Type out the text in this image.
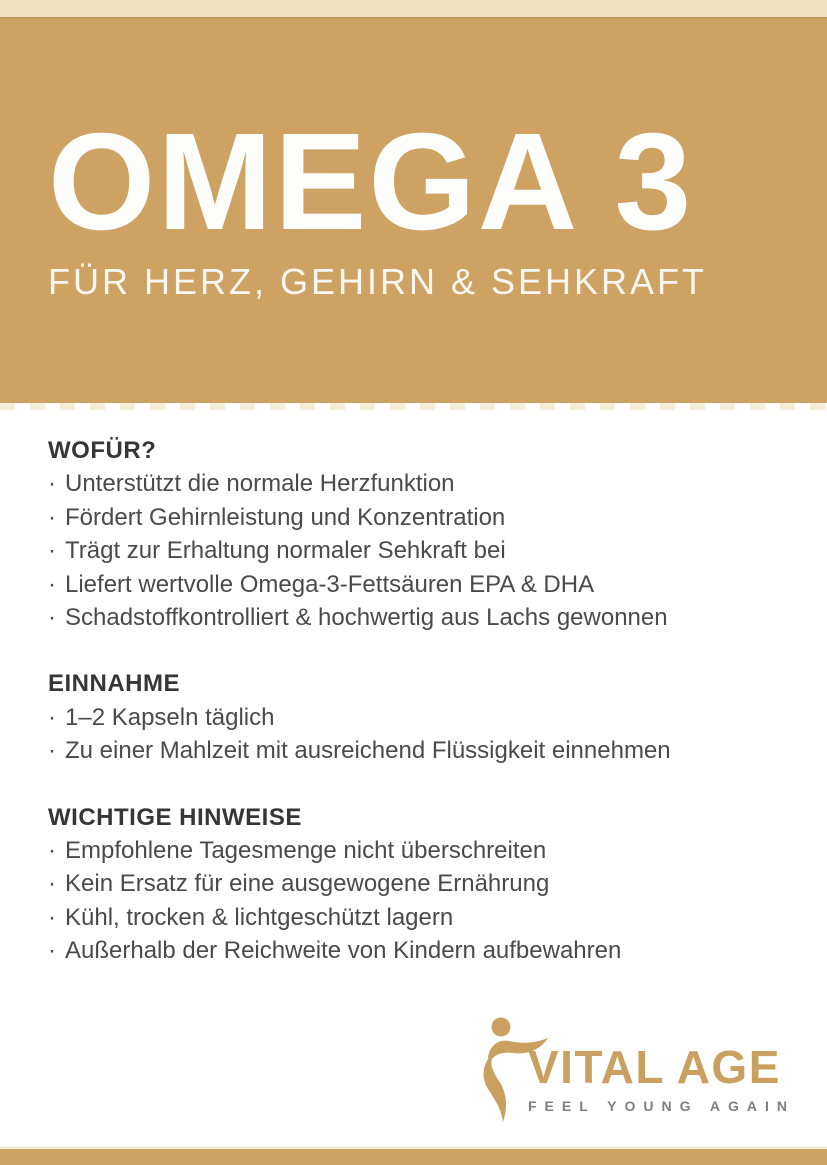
OMEGA 3
FÜR HERZ, GEHIRN & SEHKRAFT
WOFÜR?
· Unterstützt die normale Herzfunktion
· Fördert Gehirnleistung und Konzentration
· Trägt zur Erhaltung normaler Sehkraft bei
· Liefert wertvolle Omega-3-Fettsäuren EPA & DHA
· Schadstoffkontrolliert & hochwertig aus Lachs gewonnen
EINNAHME
· 1–2 Kapseln täglich
· Zu einer Mahlzeit mit ausreichend Flüssigkeit einnehmen
WICHTIGE HINWEISE
· Empfohlene Tagesmenge nicht überschreiten
· Kein Ersatz für eine ausgewogene Ernährung
· Kühl, trocken & lichtgeschützt lagern
· Außerhalb der Reichweite von Kindern aufbewahren
VITAL AGE
FEEL YOUNG AGAIN
